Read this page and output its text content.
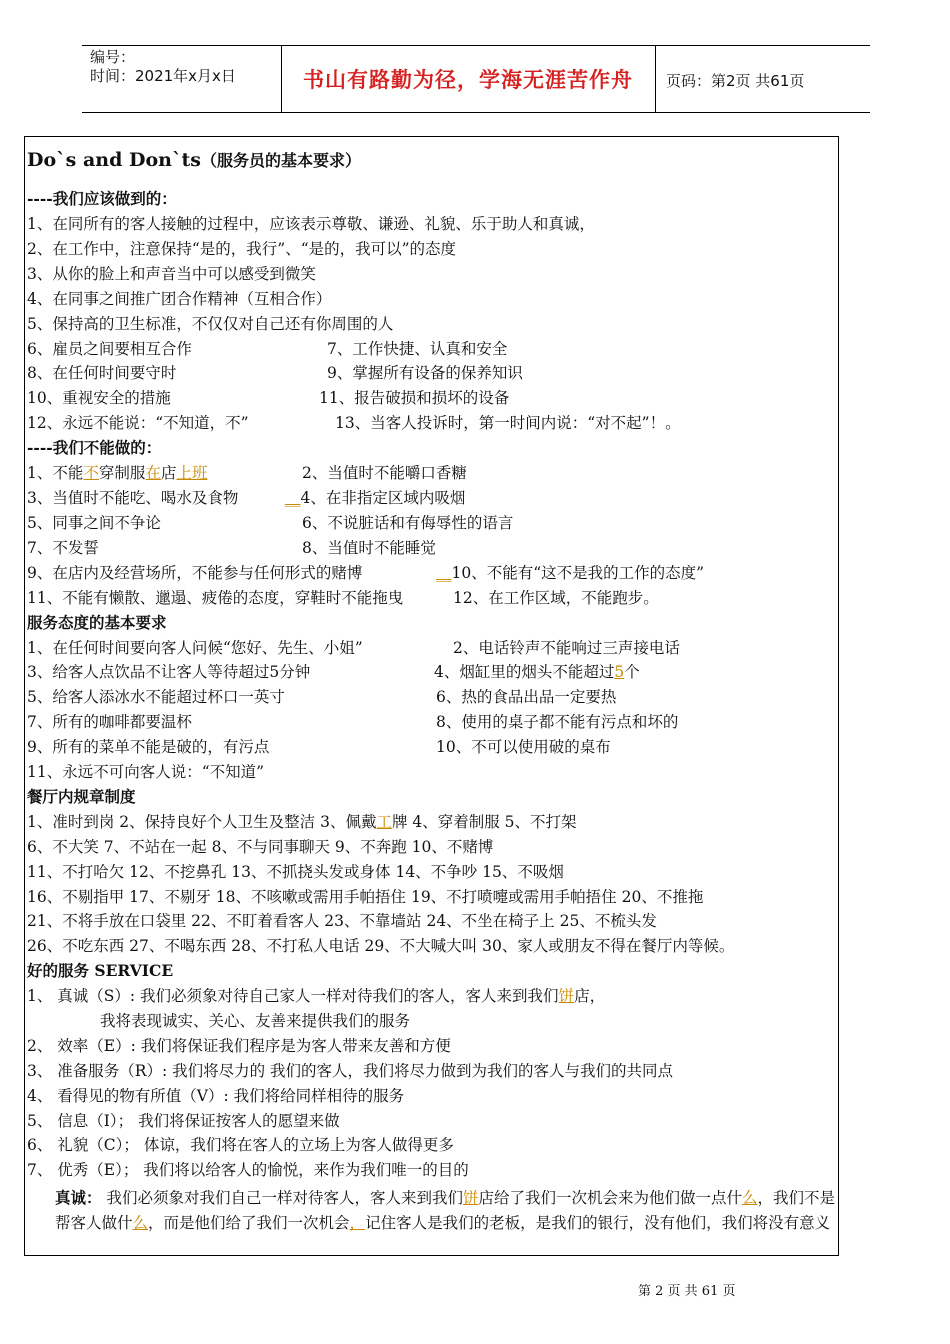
编号：
时间：2021年x月x日	书山有路勤为径，学海无涯苦作舟	页码：第2页 共61页
Do`s and Don`ts（服务员的基本要求）
----我们应该做到的：
1、在同所有的客人接触的过程中，应该表示尊敬、谦逊、礼貌、乐于助人和真诚，
2、在工作中，注意保持“是的，我行”、“是的，我可以”的态度
3、从你的脸上和声音当中可以感受到微笑
4、在同事之间推广团合作精神（互相合作）
5、保持高的卫生标准，不仅仅对自己还有你周围的人
6、雇员之间要相互合作	7、工作快捷、认真和安全
8、在任何时间要守时	9、掌握所有设备的保养知识
10、重视安全的措施	11、报告破损和损坏的设备
12、永远不能说：“不知道，不”	13、当客人投诉时，第一时间内说：“对不起”！。
----我们不能做的：
1、不能不穿制服在店上班	2、当值时不能嚼口香糖
3、当值时不能吃、喝水及食物	__4、在非指定区域内吸烟
5、同事之间不争论	6、不说脏话和有侮辱性的语言
7、不发誓	8、当值时不能睡觉
9、在店内及经营场所，不能参与任何形式的赌博	__10、不能有“这不是我的工作的态度”
11、不能有懒散、邋遢、疲倦的态度，穿鞋时不能拖曳	12、在工作区域，不能跑步。
服务态度的基本要求
1、在任何时间要向客人问候“您好、先生、小姐”	2、电话铃声不能响过三声接电话
3、给客人点饮品不让客人等待超过5分钟	4、烟缸里的烟头不能超过5个
5、给客人添冰水不能超过杯口一英寸	6、热的食品出品一定要热
7、所有的咖啡都要温杯	8、使用的桌子都不能有污点和坏的
9、所有的菜单不能是破的，有污点	10、不可以使用破的桌布
11、永远不可向客人说：“不知道”
餐厅内规章制度
1、准时到岗 2、保持良好个人卫生及整洁 3、佩戴工牌 4、穿着制服 5、不打架
6、不大笑 7、不站在一起 8、不与同事聊天 9、不奔跑 10、不赌博
11、不打哈欠 12、不挖鼻孔 13、不抓挠头发或身体 14、不争吵 15、不吸烟
16、不剔指甲 17、不剔牙 18、不咳嗽或需用手帕捂住 19、不打喷嚏或需用手帕捂住 20、不推拖
21、不将手放在口袋里 22、不盯着看客人 23、不靠墙站 24、不坐在椅子上 25、不梳头发
26、不吃东西 27、不喝东西 28、不打私人电话 29、不大喊大叫 30、家人或朋友不得在餐厅内等候。
好的服务 SERVICE
1、 真诚（S）: 我们必须象对待自己家人一样对待我们的客人，客人来到我们饼店，
我将表现诚实、关心、友善来提供我们的服务
2、 效率（E）: 我们将保证我们程序是为客人带来友善和方便
3、 准备服务（R）: 我们将尽力的 我们的客人，我们将尽力做到为我们的客人与我们的共同点
4、 看得见的物有所值（V）: 我们将给同样相待的服务
5、 信息（I）； 我们将保证按客人的愿望来做
6、 礼貌（C）； 体谅，我们将在客人的立场上为客人做得更多
7、 优秀（E）； 我们将以给客人的愉悦，来作为我们唯一的目的
真诚： 我们必须象对我们自己一样对待客人，客人来到我们饼店给了我们一次机会来为他们做一点什么，我们不是帮客人做什么，而是他们给了我们一次机会，记住客人是我们的老板，是我们的银行，没有他们，我们将没有意义
第 2 页 共 61 页
